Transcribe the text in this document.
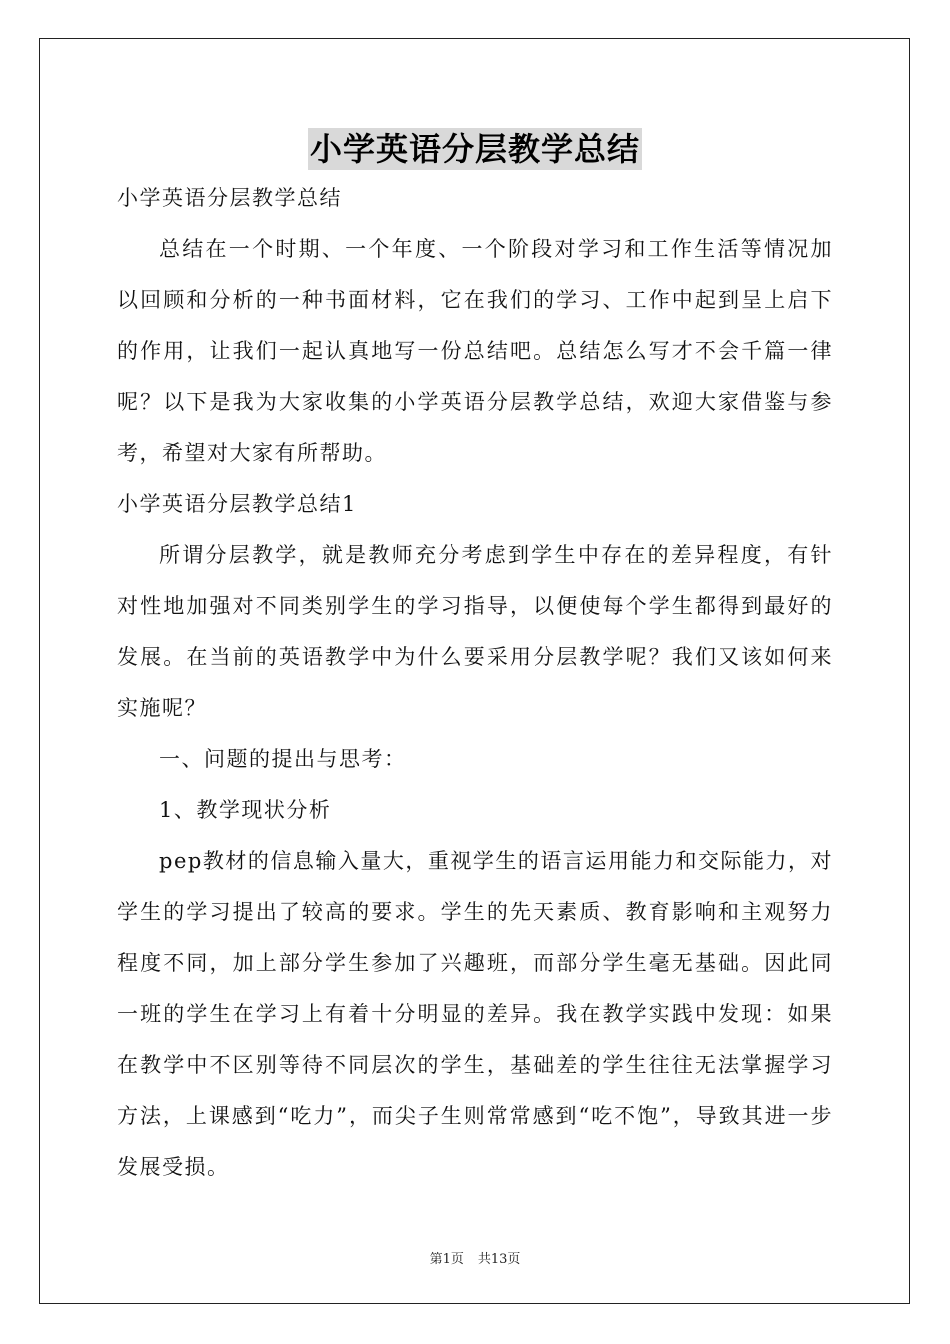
小学英语分层教学总结

小学英语分层教学总结

总结在一个时期、一个年度、一个阶段对学习和工作生活等情况加以回顾和分析的一种书面材料，它在我们的学习、工作中起到呈上启下的作用，让我们一起认真地写一份总结吧。总结怎么写才不会千篇一律呢？以下是我为大家收集的小学英语分层教学总结，欢迎大家借鉴与参考，希望对大家有所帮助。

小学英语分层教学总结1

所谓分层教学，就是教师充分考虑到学生中存在的差异程度，有针对性地加强对不同类别学生的学习指导，以便使每个学生都得到最好的发展。在当前的英语教学中为什么要采用分层教学呢？我们又该如何来实施呢？

一、问题的提出与思考：

1、教学现状分析

pep教材的信息输入量大，重视学生的语言运用能力和交际能力，对学生的学习提出了较高的要求。学生的先天素质、教育影响和主观努力程度不同，加上部分学生参加了兴趣班，而部分学生毫无基础。因此同一班的学生在学习上有着十分明显的差异。我在教学实践中发现：如果在教学中不区别等待不同层次的学生，基础差的学生往往无法掌握学习方法，上课感到“吃力”，而尖子生则常常感到“吃不饱”，导致其进一步发展受损。

第1页 共13页
